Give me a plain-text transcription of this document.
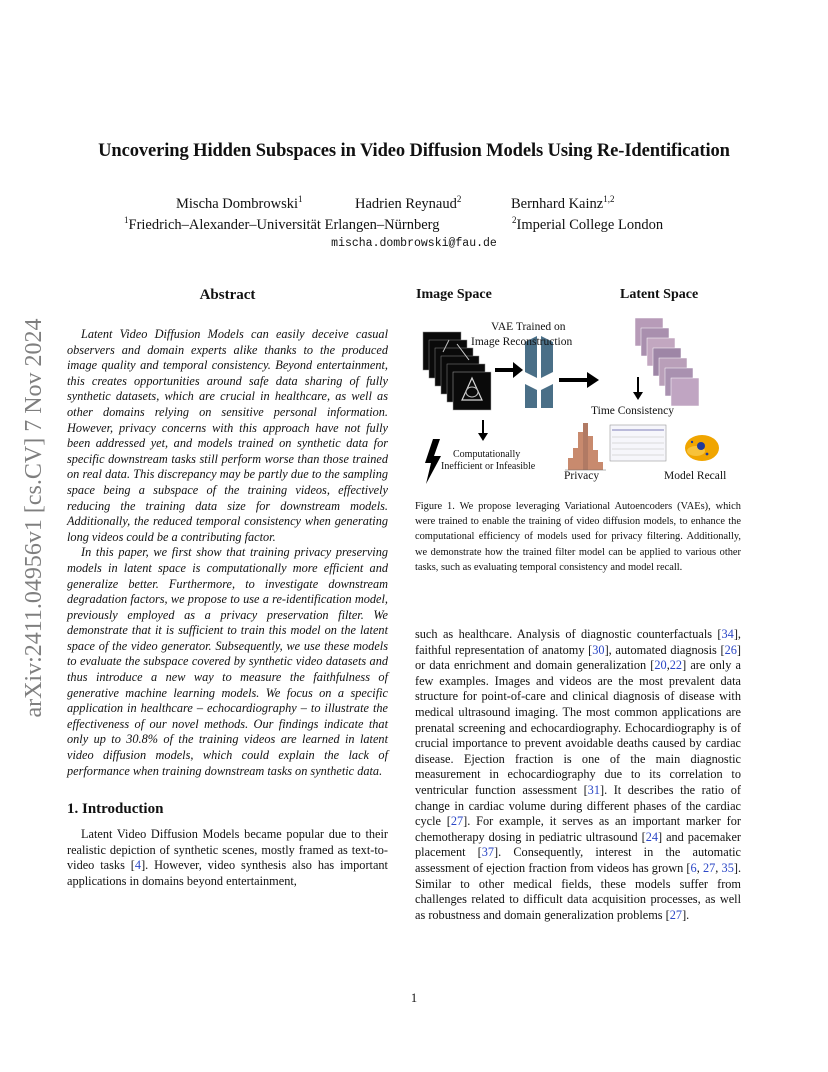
arXiv:2411.04956v1 [cs.CV] 7 Nov 2024
Uncovering Hidden Subspaces in Video Diffusion Models Using Re-Identification
Mischa Dombrowski$^1$	Hadrien Reynaud$^2$	Bernhard Kainz$^{1,2}$
$^1$Friedrich–Alexander–Universität Erlangen–Nürnberg	$^2$Imperial College London
mischa.dombrowski@fau.de
Abstract

Latent Video Diffusion Models can easily deceive casual observers and domain experts alike thanks to the produced image quality and temporal consistency. Beyond entertainment, this creates opportunities around safe data sharing of fully synthetic datasets, which are crucial in healthcare, as well as other domains relying on sensitive personal information. However, privacy concerns with this approach have not fully been addressed yet, and models trained on synthetic data for specific downstream tasks still perform worse than those trained on real data. This discrepancy may be partly due to the sampling space being a subspace of the training videos, effectively reducing the training data size for downstream models. Additionally, the reduced temporal consistency when generating long videos could be a contributing factor.

In this paper, we first show that training privacy preserving models in latent space is computationally more efficient and generalize better. Furthermore, to investigate downstream degradation factors, we propose to use a re-identification model, previously employed as a privacy preservation filter. We demonstrate that it is sufficient to train this model on the latent space of the video generator. Subsequently, we use these models to evaluate the subspace covered by synthetic video datasets and thus introduce a new way to measure the faithfulness of generative machine learning models. We focus on a specific application in healthcare – echocardiography – to illustrate the effectiveness of our novel methods. Our findings indicate that only up to 30.8% of the training videos are learned in latent video diffusion models, which could explain the lack of performance when training downstream tasks on synthetic data.

1. Introduction

Latent Video Diffusion Models became popular due to their realistic depiction of synthetic scenes, mostly framed as text-to-video tasks [4]. However, video synthesis also has important applications in domains beyond entertainment,

Image Space	Latent Space
VAE Trained on
Image Reconstruction
Time Consistency
Computationally
Inefficient or Infeasible
Privacy	Model Recall

Figure 1. We propose leveraging Variational Autoencoders (VAEs), which were trained to enable the training of video diffusion models, to enhance the computational efficiency of models used for privacy filtering. Additionally, we demonstrate how the trained filter model can be applied to various other tasks, such as evaluating temporal consistency and model recall.

such as healthcare. Analysis of diagnostic counterfactuals [34], faithful representation of anatomy [30], automated diagnosis [26] or data enrichment and domain generalization [20,22] are only a few examples. Images and videos are the most prevalent data structure for point-of-care and clinical diagnosis of disease with medical ultrasound imaging. The most common applications are prenatal screening and echocardiography. Echocardiography is of crucial importance to prevent avoidable deaths caused by cardiac disease. Ejection fraction is one of the main diagnostic measurement in echocardiography due to its correlation to ventricular function assessment [31]. It describes the ratio of change in cardiac volume during different phases of the cardiac cycle [27]. For example, it serves as an important marker for chemotherapy dosing in pediatric ultrasound [24] and pacemaker placement [37]. Consequently, interest in the automatic assessment of ejection fraction from videos has grown [6, 27, 35]. Similar to other medical fields, these models suffer from challenges related to difficult data acquisition processes, as well as robustness and domain generalization problems [27].

1
